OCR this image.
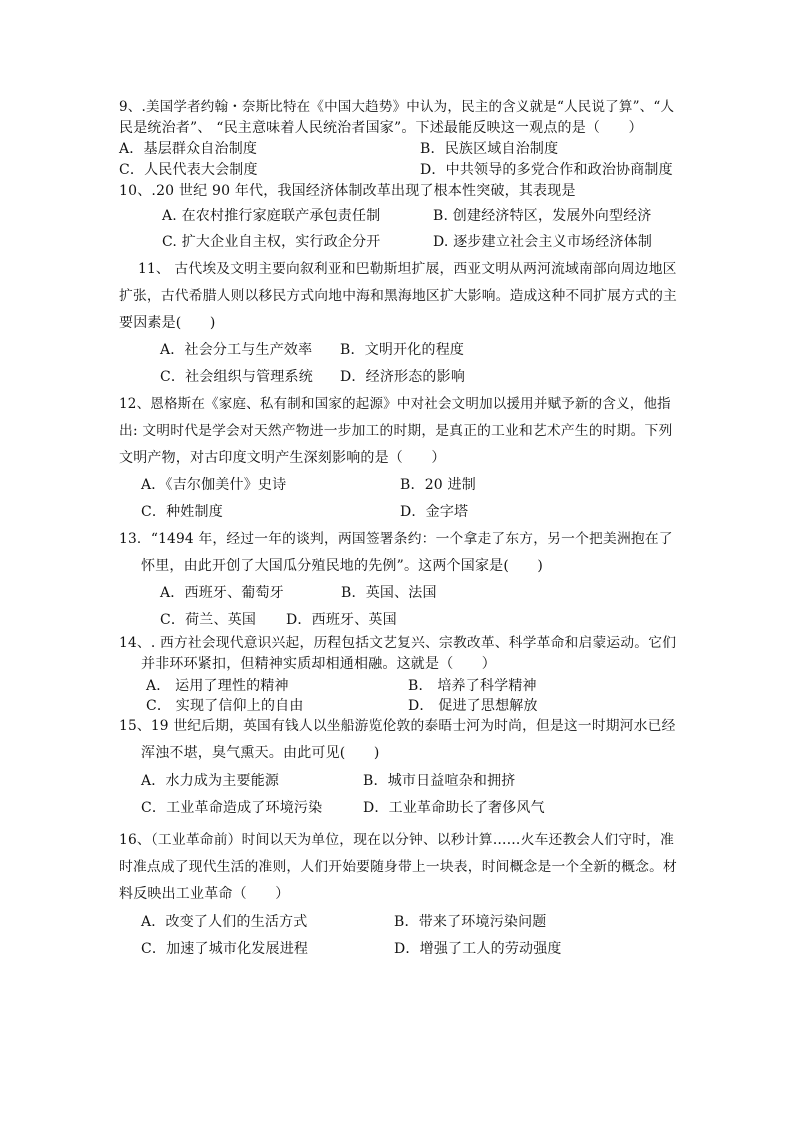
9、.美国学者约翰・奈斯比特在《中国大趋势》中认为，民主的含义就是“人民说了算”、“人
民是统治者”、 “民主意味着人民统治者国家”。下述最能反映这一观点的是（　　）
A．基层群众自治制度	B．民族区域自治制度
C．人民代表大会制度	D．中共领导的多党合作和政治协商制度
10、.20 世纪 90 年代，我国经济体制改革出现了根本性突破，其表现是
A. 在农村推行家庭联产承包责任制	B. 创建经济特区，发展外向型经济
C. 扩大企业自主权，实行政企分开	D. 逐步建立社会主义市场经济体制
11、 古代埃及文明主要向叙利亚和巴勒斯坦扩展，西亚文明从两河流域南部向周边地区
扩张，古代希腊人则以移民方式向地中海和黑海地区扩大影响。造成这种不同扩展方式的主
要因素是(　　)
A．社会分工与生产效率 B．文明开化的程度
C．社会组织与管理系统 D．经济形态的影响
12、恩格斯在《家庭、私有制和国家的起源》中对社会文明加以援用并赋予新的含义，他指
出: 文明时代是学会对天然产物进一步加工的时期，是真正的工业和艺术产生的时期。下列
文明产物，对古印度文明产生深刻影响的是（　　）
A．《吉尔伽美什》史诗	B．20 进制
C．种姓制度	D．金字塔
13．“1494 年，经过一年的谈判，两国签署条约：一个拿走了东方，另一个把美洲抱在了
怀里，由此开创了大国瓜分殖民地的先例”。这两个国家是(　　)
A．西班牙、葡萄牙	B．英国、法国
C．荷兰、英国 D．西班牙、英国
14、. 西方社会现代意识兴起，历程包括文艺复兴、宗教改革、科学革命和启蒙运动。它们
并非环环紧扣，但精神实质却相通相融。这就是（　　）
A． 运用了理性的精神	B． 培养了科学精神
C． 实现了信仰上的自由	D． 促进了思想解放
15、19 世纪后期，英国有钱人以坐船游览伦敦的泰晤士河为时尚，但是这一时期河水已经
浑浊不堪，臭气熏天。由此可见(　　)
A．水力成为主要能源	B．城市日益喧杂和拥挤
C．工业革命造成了环境污染	D．工业革命助长了奢侈风气
16、（工业革命前）时间以天为单位，现在以分钟、以秒计算……火车还教会人们守时，准
时准点成了现代生活的准则，人们开始要随身带上一块表，时间概念是一个全新的概念。材
料反映出工业革命（　　）
A．改变了人们的生活方式	B．带来了环境污染问题
C．加速了城市化发展进程	D．增强了工人的劳动强度
